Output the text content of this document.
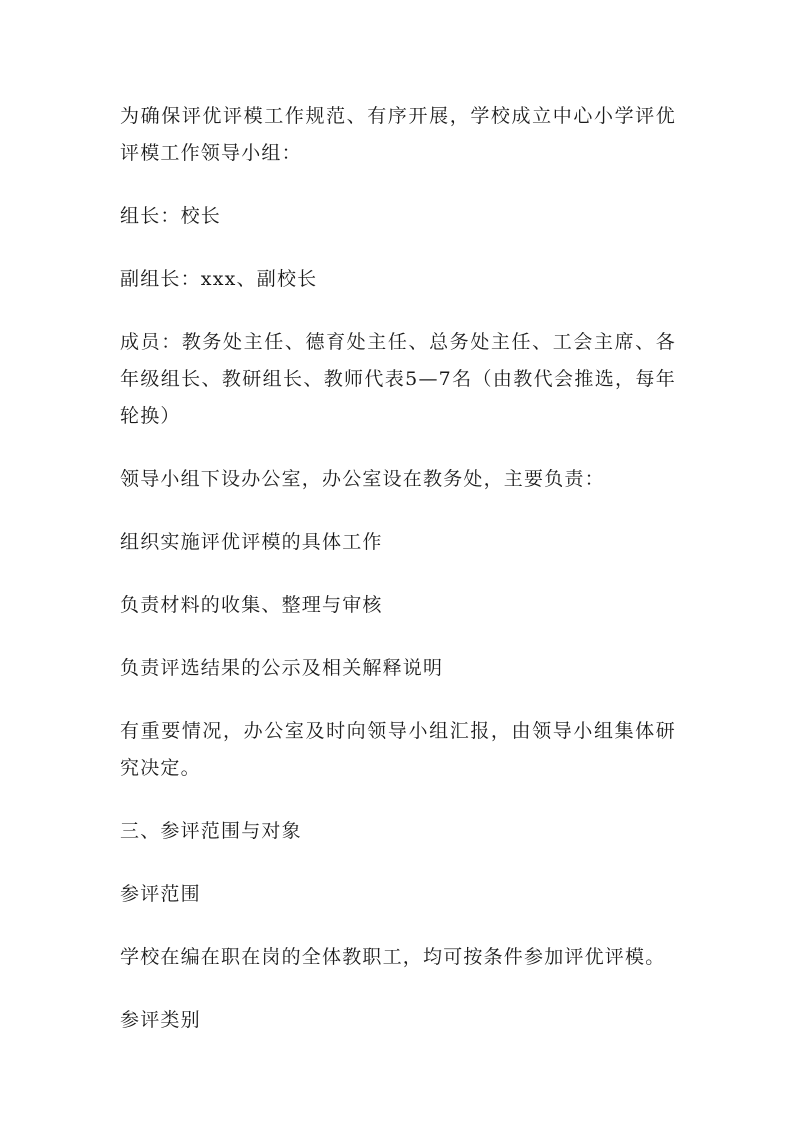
为确保评优评模工作规范、有序开展，学校成立中心小学评优评模工作领导小组：

组长：校长

副组长：xxx、副校长

成员：教务处主任、德育处主任、总务处主任、工会主席、各年级组长、教研组长、教师代表5—7名（由教代会推选，每年轮换）

领导小组下设办公室，办公室设在教务处，主要负责：

组织实施评优评模的具体工作

负责材料的收集、整理与审核

负责评选结果的公示及相关解释说明

有重要情况，办公室及时向领导小组汇报，由领导小组集体研究决定。

三、参评范围与对象

参评范围

学校在编在职在岗的全体教职工，均可按条件参加评优评模。

参评类别
